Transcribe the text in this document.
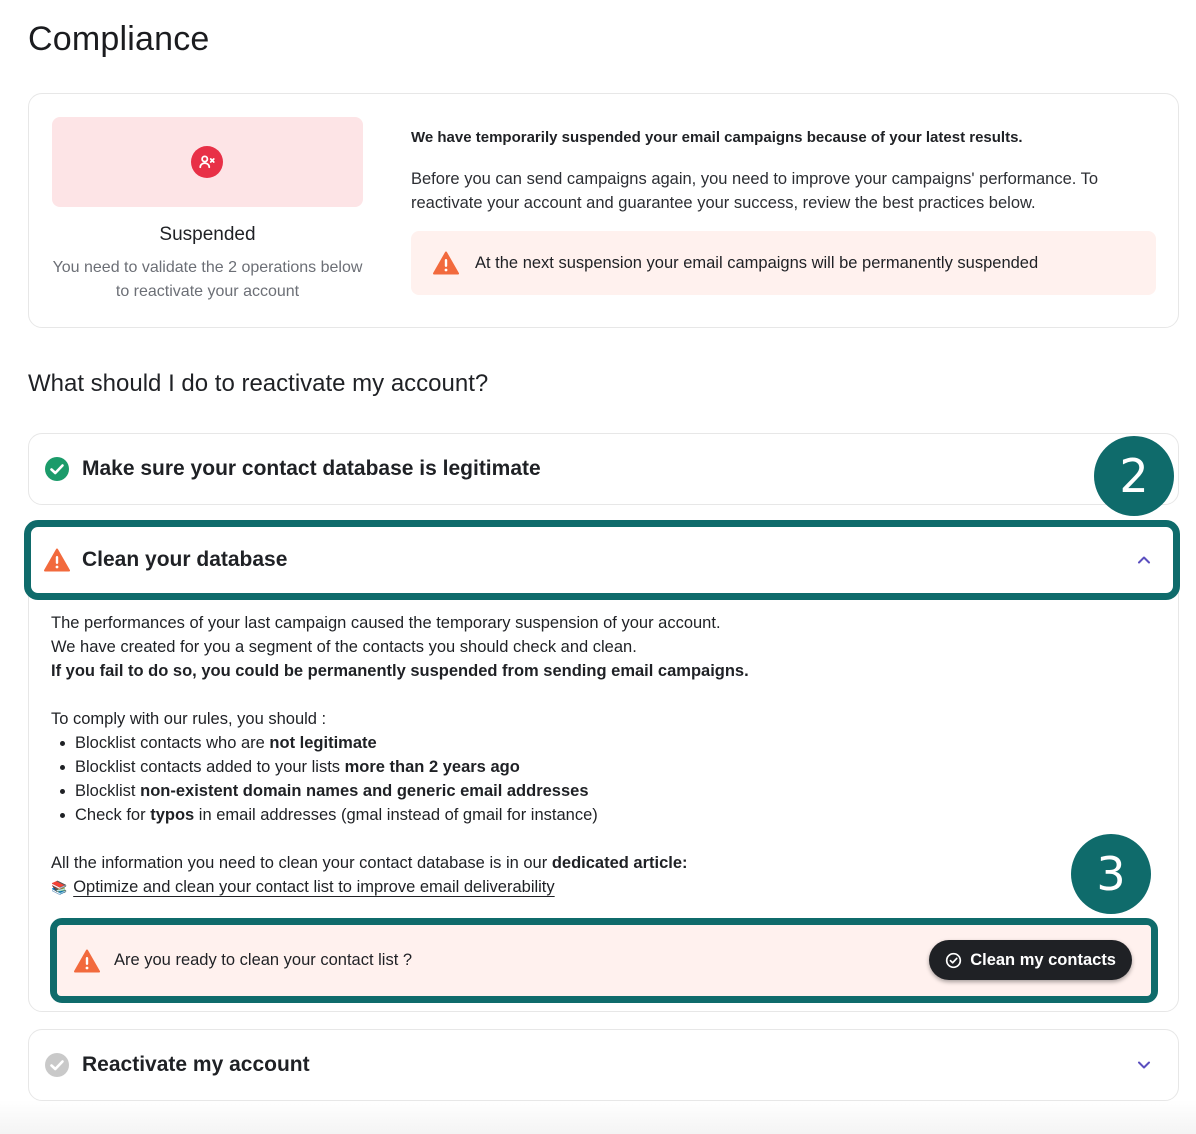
Compliance
Suspended
You need to validate the 2 operations below to reactivate your account
We have temporarily suspended your email campaigns because of your latest results.
Before you can send campaigns again, you need to improve your campaigns' performance. To reactivate your account and guarantee your success, review the best practices below.
At the next suspension your email campaigns will be permanently suspended
What should I do to reactivate my account?
Make sure your contact database is legitimate
Clean your database

The performances of your last campaign caused the temporary suspension of your account.

We have created for you a segment of the contacts you should check and clean.

If you fail to do so, you could be permanently suspended from sending email campaigns.

To comply with our rules, you should :

Blocklist contacts who are not legitimate
Blocklist contacts added to your lists more than 2 years ago
Blocklist non-existent domain names and generic email addresses
Check for typos in email addresses (gmal instead of gmail for instance)

All the information you need to clean your contact database is in our dedicated article:

📚 Optimize and clean your contact list to improve email deliverability

Are you ready to clean your contact list ?	Clean my contacts
Reactivate my account
2
3
